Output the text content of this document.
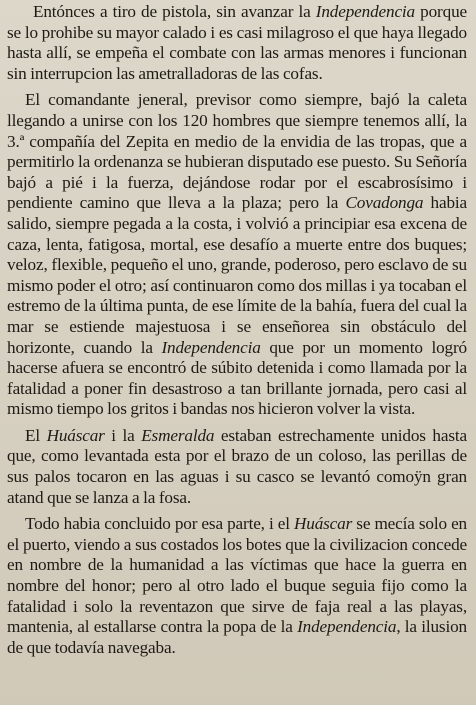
Entónces a tiro de pistola, sin avanzar la Independencia porque se lo prohibe su mayor calado i es casi milagroso el que haya llegado hasta allí, se empeña el combate con las armas menores i funcionan sin interrupcion las ametralladoras de las cofas.

El comandante jeneral, previsor como siempre, bajó la caleta llegando a unirse con los 120 hombres que siempre tenemos allí, la 3.ª compañía del Zepita en medio de la envidia de las tropas, que a permitirlo la ordenanza se hubieran disputado ese puesto. Su Señoría bajó a pié i la fuerza, dejándose rodar por el escabrosísimo i pendiente camino que lleva a la plaza; pero la Covadonga habia salido, siempre pegada a la costa, i volvió a principiar esa excena de caza, lenta, fatigosa, mortal, ese desafío a muerte entre dos buques; veloz, flexible, pequeño el uno, grande, poderoso, pero esclavo de su mismo poder el otro; así continuaron como dos millas i ya tocaban el estremo de la última punta, de ese límite de la bahía, fuera del cual la mar se estiende majestuosa i se enseñorea sin obstáculo del horizonte, cuando la Independencia que por un momento logró hacerse afuera se encontró de súbito detenida i como llamada por la fatalidad a poner fin desastroso a tan brillante jornada, pero casi al mismo tiempo los gritos i bandas nos hicieron volver la vista.

El Huáscar i la Esmeralda estaban estrechamente unidos hasta que, como levantada esta por el brazo de un coloso, las perillas de sus palos tocaron en las aguas i su casco se levantó comoÿn gran atand que se lanza a la fosa.

Todo habia concluido por esa parte, i el Huáscar se mecía solo en el puerto, viendo a sus costados los botes que la civilizacion concede en nombre de la humanidad a las víctimas que hace la guerra en nombre del honor; pero al otro lado el buque seguia fijo como la fatalidad i solo la reventazon que sirve de faja real a las playas, mantenia, al estallarse contra la popa de la Independencia, la ilusion de que todavía navegaba.
